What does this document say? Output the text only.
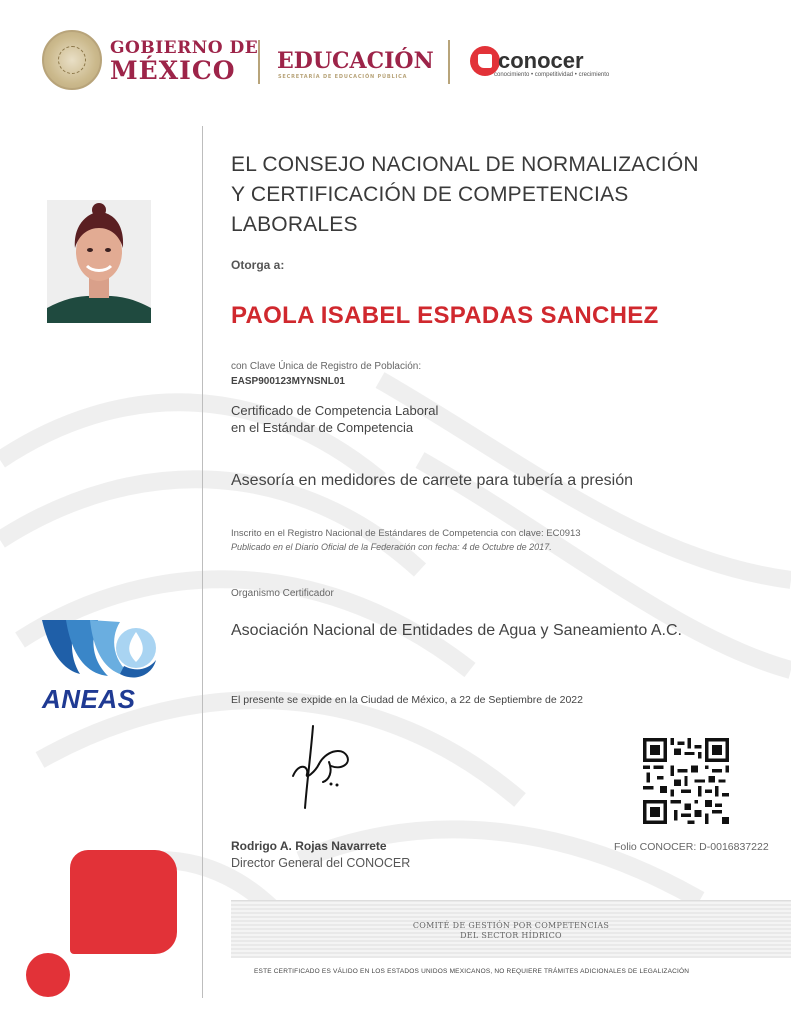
GOBIERNO DE
MÉXICO EDUCACIÓN
SECRETARÍA DE EDUCACIÓN PÚBLICA
conocer
conocimiento • competitividad • crecimiento
ANEAS
EL CONSEJO NACIONAL DE NORMALIZACIÓN Y CERTIFICACIÓN DE COMPETENCIAS LABORALES
Otorga a:
PAOLA ISABEL ESPADAS SANCHEZ
con Clave Única de Registro de Población:
EASP900123MYNSNL01
Certificado de Competencia Laboral
en el Estándar de Competencia
Asesoría en medidores de carrete para tubería a presión
Inscrito en el Registro Nacional de Estándares de Competencia con clave: EC0913
Publicado en el Diario Oficial de la Federación con fecha: 4 de Octubre de 2017.
Organismo Certificador
Asociación Nacional de Entidades de Agua y Saneamiento A.C.
El presente se expide en la Ciudad de México, a 22 de Septiembre de 2022
Rodrigo A. Rojas Navarrete
Director General del CONOCER
Folio CONOCER: D-0016837222
COMITÉ DE GESTIÓN POR COMPETENCIAS
DEL SECTOR HÍDRICO
ESTE CERTIFICADO ES VÁLIDO EN LOS ESTADOS UNIDOS MEXICANOS, NO REQUIERE TRÁMITES ADICIONALES DE LEGALIZACIÓN
